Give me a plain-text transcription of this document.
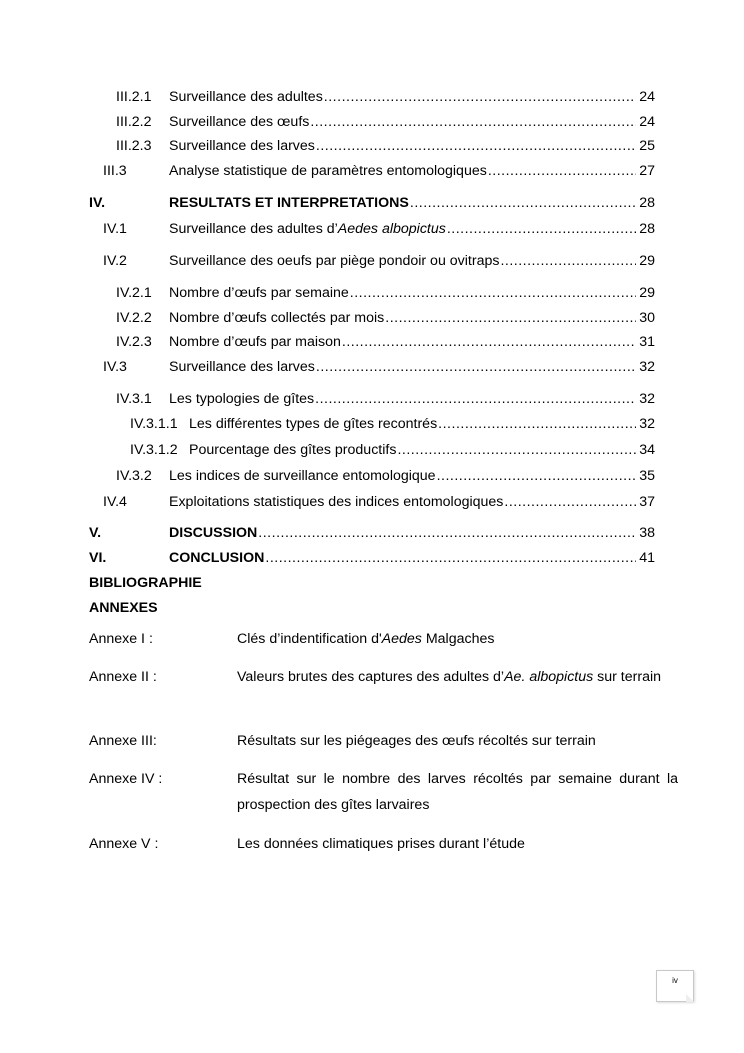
III.2.1 Surveillance des adultes .....	24
III.2.2 Surveillance des œufs .....	24
III.2.3 Surveillance des larves .....	25
III.3	Analyse statistique de paramètres entomologiques .....	27
IV.	RESULTATS ET INTERPRETATIONS .....	28
IV.1	Surveillance des adultes d’Aedes albopictus .....	28
IV.2	Surveillance des oeufs par piège pondoir ou ovitraps .....	29
IV.2.1 Nombre d’œufs par semaine .....	29
IV.2.2 Nombre d’œufs collectés par mois .....	30
IV.2.3 Nombre d’œufs par maison .....	31
IV.3	Surveillance des larves .....	32
IV.3.1 Les typologies de gîtes .....	32
IV.3.1.1 Les différentes types de gîtes recontrés .....	32
IV.3.1.2 Pourcentage des gîtes productifs .....	34
IV.3.2 Les indices de surveillance entomologique .....	35
IV.4	Exploitations statistiques des indices entomologiques .....	37
V.	DISCUSSION .....	38
VI.	CONCLUSION .....	41
BIBLIOGRAPHIE
ANNEXES
Annexe I :	Clés d’indentification d'Aedes Malgaches
Annexe II :	Valeurs brutes des captures des adultes d’Ae. albopictus sur terrain
Annexe III:	Résultats sur les piégeages des œufs récoltés sur terrain
Annexe IV :	Résultat sur le nombre des larves récoltés par semaine durant la prospection des gîtes larvaires
Annexe V :	Les données climatiques prises durant l’étude
iv
